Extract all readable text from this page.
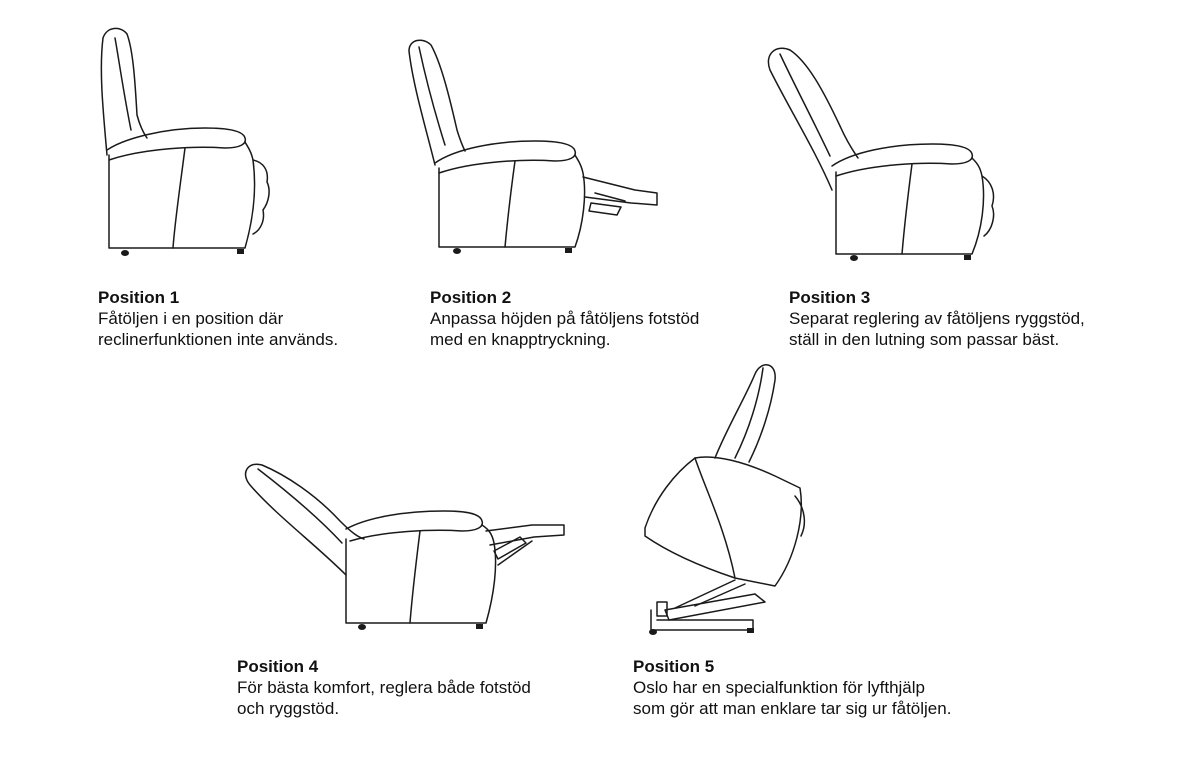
Position 1
Fåtöljen i en position där
reclinerfunktionen inte används.
Position 2
Anpassa höjden på fåtöljens fotstöd
med en knapptryckning.
Position 3
Separat reglering av fåtöljens ryggstöd,
ställ in den lutning som passar bäst.
Position 4
För bästa komfort, reglera både fotstöd
och ryggstöd.
Position 5
Oslo har en specialfunktion för lyfthjälp
som gör att man enklare tar sig ur fåtöljen.
